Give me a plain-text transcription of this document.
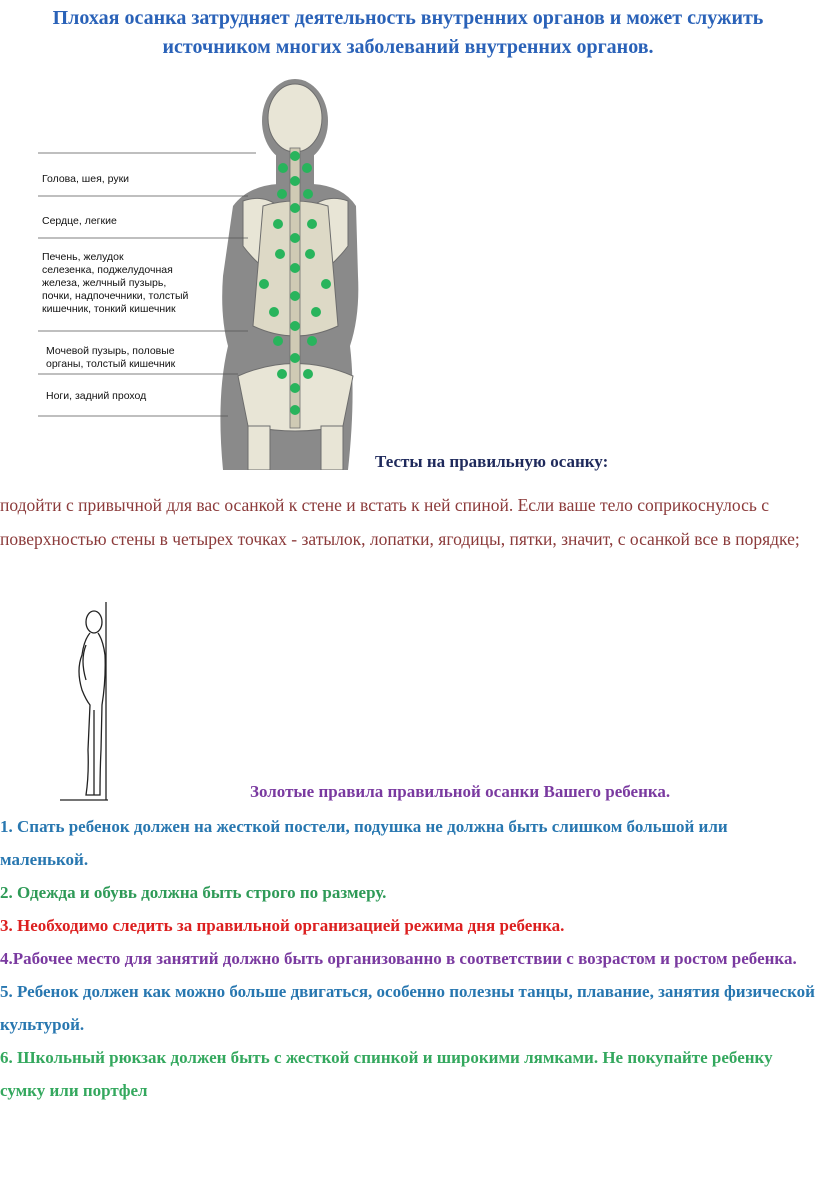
Плохая осанка затрудняет деятельность внутренних органов и может служить источником многих заболеваний внутренних органов.
Голова, шея, руки
Сердце, легкие
Печень, желудок
селезенка, поджелудочная
железа, желчный пузырь,
почки, надпочечники, толстый
кишечник, тонкий кишечник
Мочевой пузырь, половые
органы, толстый кишечник
Ноги, задний проход
Тесты на правильную осанку:
подойти с привычной для вас осанкой к стене и встать к ней спиной. Если ваше тело соприкоснулось с поверхностью стены в четырех точках - затылок, лопатки, ягодицы, пятки, значит, с осанкой все в порядке;
Золотые правила правильной осанки Вашего ребенка.

1. Спать ребенок должен на жесткой постели, подушка не должна быть слишком большой или маленькой.

2. Одежда и обувь должна быть строго по размеру.

3. Необходимо следить за правильной организацией режима дня ребенка.

4.Рабочее место для занятий должно быть организованно в соответствии с возрастом и ростом ребенка.

5. Ребенок должен как можно больше двигаться, особенно полезны танцы, плавание, занятия физической культурой.

6. Школьный рюкзак должен быть с жесткой спинкой и широкими лямками. Не покупайте ребенку сумку или портфел
